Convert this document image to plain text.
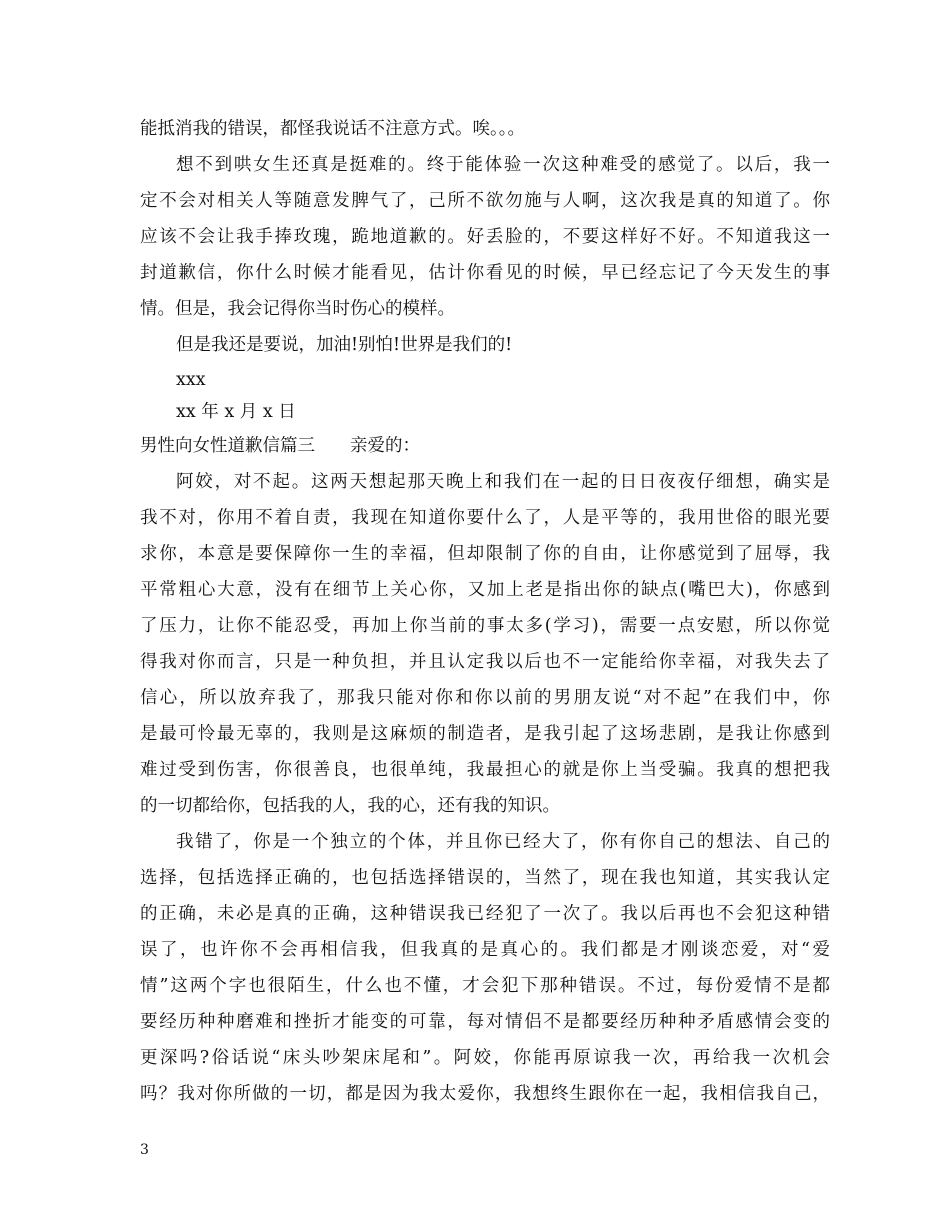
能抵消我的错误，都怪我说话不注意方式。唉。。。
想不到哄女生还真是挺难的。终于能体验一次这种难受的感觉了。以后，我一
定不会对相关人等随意发脾气了，己所不欲勿施与人啊，这次我是真的知道了。你
应该不会让我手捧玫瑰，跪地道歉的。好丢脸的，不要这样好不好。不知道我这一
封道歉信，你什么时候才能看见，估计你看见的时候，早已经忘记了今天发生的事
情。但是，我会记得你当时伤心的模样。
但是我还是要说，加油!别怕!世界是我们的!
xxx
xx 年 x 月 x 日
男性向女性道歉信篇三　　亲爱的：
阿姣，对不起。这两天想起那天晚上和我们在一起的日日夜夜仔细想，确实是
我不对，你用不着自责，我现在知道你要什么了，人是平等的，我用世俗的眼光要
求你，本意是要保障你一生的幸福，但却限制了你的自由，让你感觉到了屈辱，我
平常粗心大意，没有在细节上关心你，又加上老是指出你的缺点(嘴巴大)，你感到
了压力，让你不能忍受，再加上你当前的事太多(学习)，需要一点安慰，所以你觉
得我对你而言，只是一种负担，并且认定我以后也不一定能给你幸福，对我失去了
信心，所以放弃我了，那我只能对你和你以前的男朋友说“对不起”在我们中，你
是最可怜最无辜的，我则是这麻烦的制造者，是我引起了这场悲剧，是我让你感到
难过受到伤害，你很善良，也很单纯，我最担心的就是你上当受骗。我真的想把我
的一切都给你，包括我的人，我的心，还有我的知识。
我错了，你是一个独立的个体，并且你已经大了，你有你自己的想法、自己的
选择，包括选择正确的，也包括选择错误的，当然了，现在我也知道，其实我认定
的正确，未必是真的正确，这种错误我已经犯了一次了。我以后再也不会犯这种错
误了，也许你不会再相信我，但我真的是真心的。我们都是才刚谈恋爱，对“爱
情”这两个字也很陌生，什么也不懂，才会犯下那种错误。不过，每份爱情不是都
要经历种种磨难和挫折才能变的可靠，每对情侣不是都要经历种种矛盾感情会变的
更深吗?俗话说“床头吵架床尾和”。阿姣，你能再原谅我一次，再给我一次机会
吗？我对你所做的一切，都是因为我太爱你，我想终生跟你在一起，我相信我自己，
3
